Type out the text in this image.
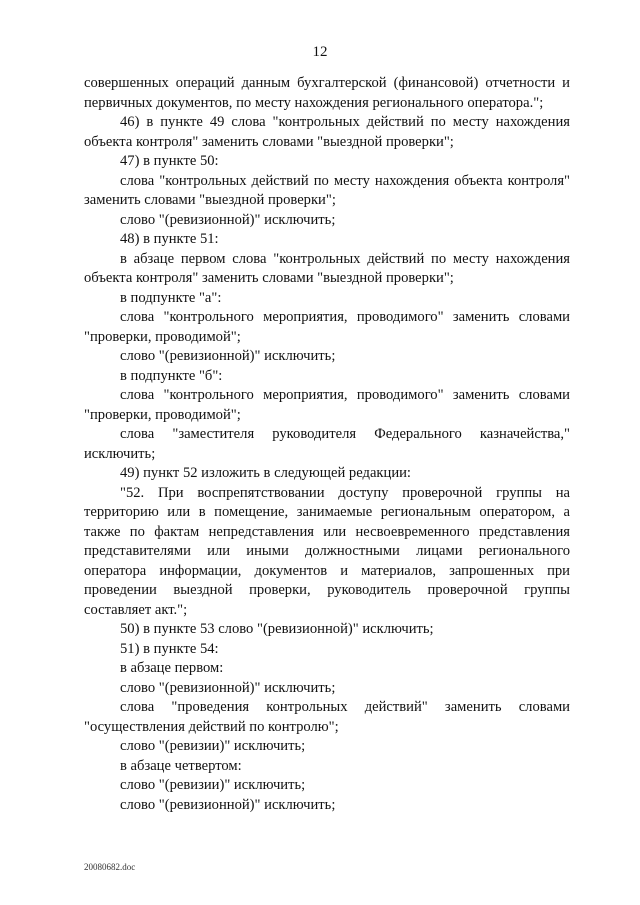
12

совершенных операций данным бухгалтерской (финансовой) отчетности и первичных документов, по месту нахождения регионального оператора.";

46) в пункте 49 слова "контрольных действий по месту нахождения объекта контроля" заменить словами "выездной проверки";

47) в пункте 50:

слова "контрольных действий по месту нахождения объекта контроля" заменить словами "выездной проверки";

слово "(ревизионной)" исключить;

48) в пункте 51:

в абзаце первом слова "контрольных действий по месту нахождения объекта контроля" заменить словами "выездной проверки";

в подпункте "а":

слова "контрольного мероприятия, проводимого" заменить словами "проверки, проводимой";

слово "(ревизионной)" исключить;

в подпункте "б":

слова "контрольного мероприятия, проводимого" заменить словами "проверки, проводимой";

слова "заместителя руководителя Федерального казначейства," исключить;

49) пункт 52 изложить в следующей редакции:

"52. При воспрепятствовании доступу проверочной группы на территорию или в помещение, занимаемые региональным оператором, а также по фактам непредставления или несвоевременного представления представителями или иными должностными лицами регионального оператора информации, документов и материалов, запрошенных при проведении выездной проверки, руководитель проверочной группы составляет акт.";

50) в пункте 53 слово "(ревизионной)" исключить;

51) в пункте 54:

в абзаце первом:

слово "(ревизионной)" исключить;

слова "проведения контрольных действий" заменить словами "осуществления действий по контролю";

слово "(ревизии)" исключить;

в абзаце четвертом:

слово "(ревизии)" исключить;

слово "(ревизионной)" исключить;

20080682.doc
